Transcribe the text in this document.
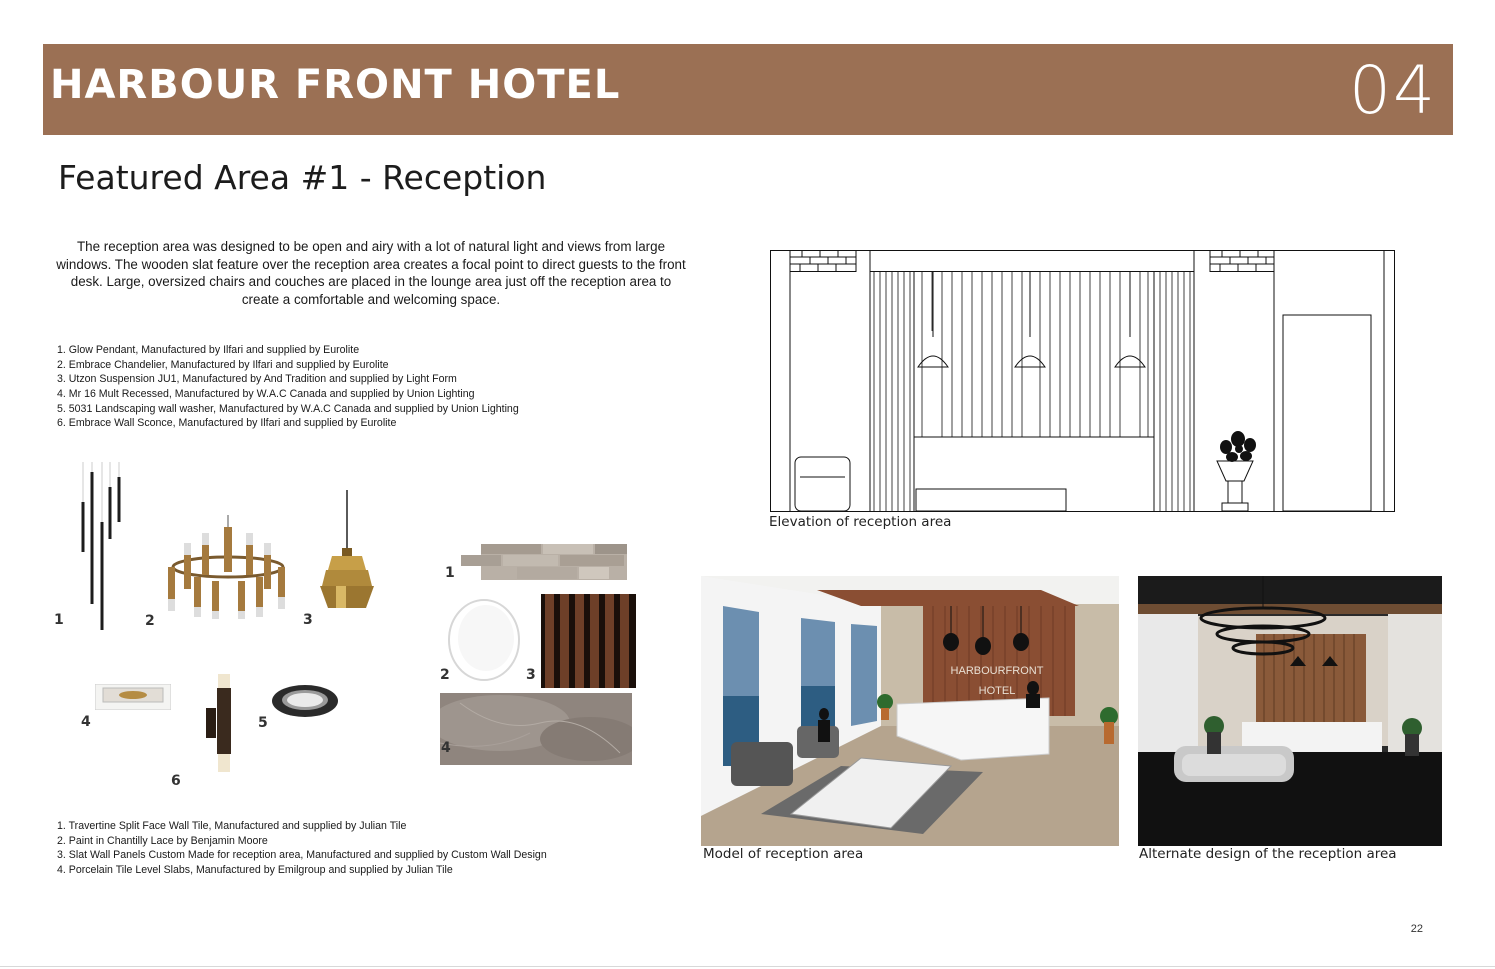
HARBOUR FRONT HOTEL	04
Featured Area #1 - Reception
The reception area was designed to be open and airy with a lot of natural light and views from large windows. The wooden slat feature over the reception area creates a focal point to direct guests to the front desk. Large, oversized chairs and couches are placed in the lounge area just off the reception area to create a comfortable and welcoming space.
1. Glow Pendant, Manufactured by Ilfari and supplied by Eurolite
2. Embrace Chandelier, Manufactured by Ilfari and supplied by Eurolite
3. Utzon Suspension JU1, Manufactured by And Tradition and supplied by Light Form
4. Mr 16 Mult Recessed, Manufactured by W.A.C Canada and supplied by Union Lighting
5. 5031 Landscaping wall washer, Manufactured by W.A.C Canada and supplied by Union Lighting
6. Embrace Wall Sconce, Manufactured by Ilfari and supplied by Eurolite
1	2	3
4	5
6
1
2	3
4
1. Travertine Split Face Wall Tile, Manufactured and supplied by Julian Tile
2. Paint in Chantilly Lace by Benjamin Moore
3. Slat Wall Panels Custom Made for reception area, Manufactured and supplied by Custom Wall Design
4. Porcelain Tile Level Slabs, Manufactured by Emilgroup and supplied by Julian Tile
Elevation of reception area
HARBOURFRONT
HOTEL
Model of reception area	Alternate design of the reception area
22
